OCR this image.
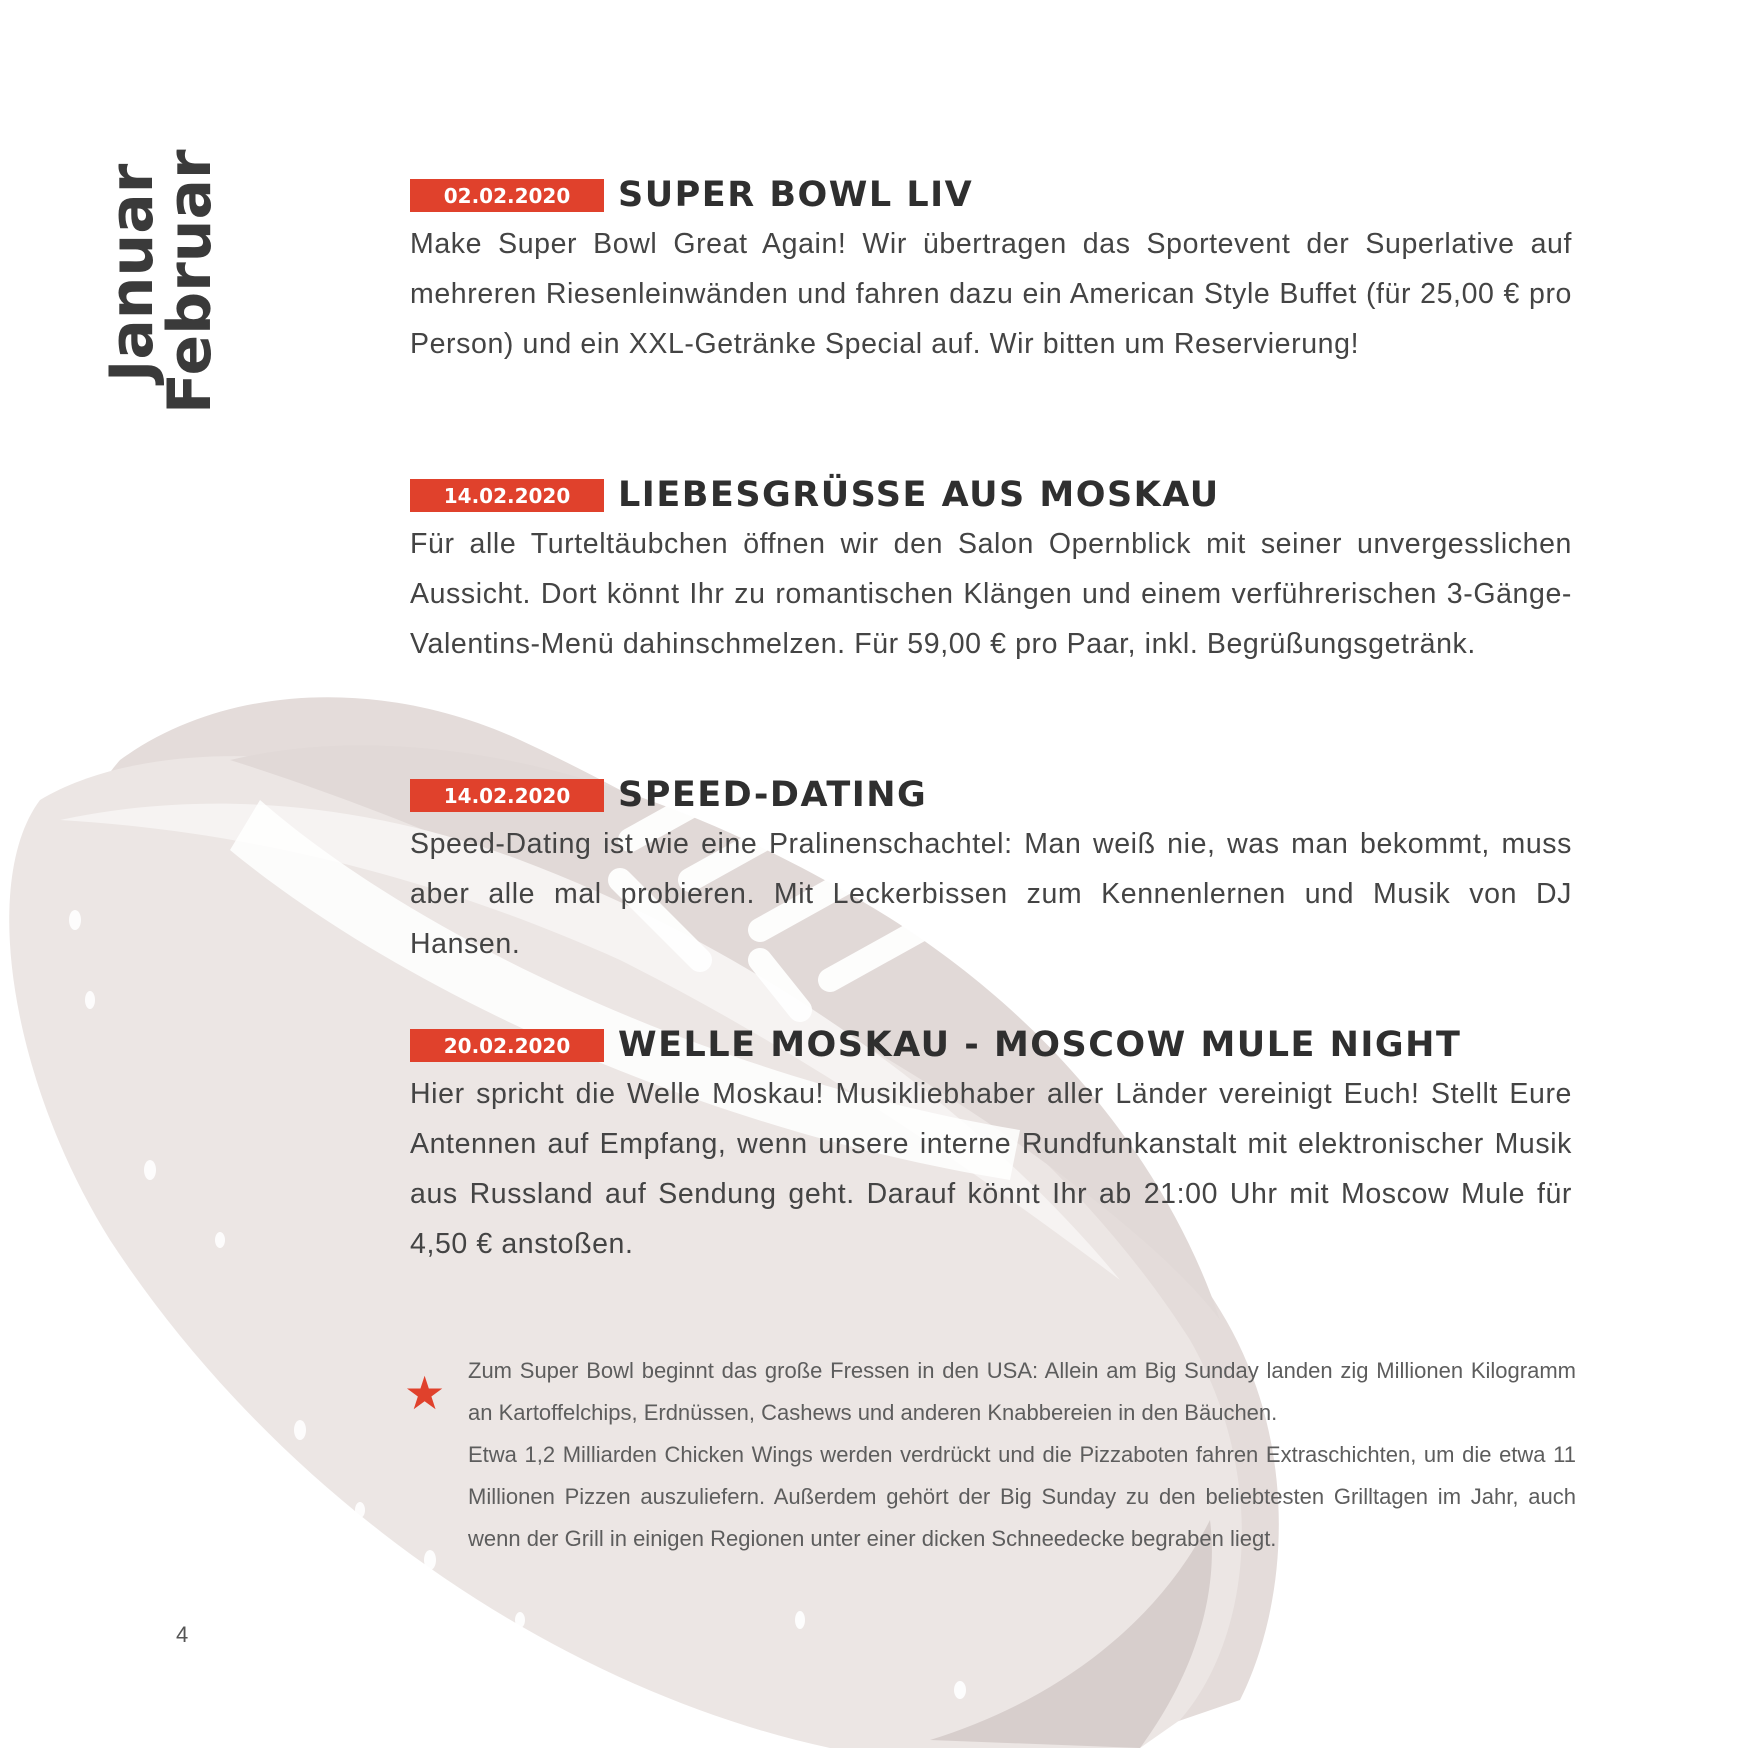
Januar
Februar	02.02.2020	SUPER BOWL LIV

Make Super Bowl Great Again! Wir übertragen das Sportevent der Superlative auf mehreren Riesenleinwänden und fahren dazu ein American Style Buffet (für 25,00 € pro Person) und ein XXL-Getränke Special auf. Wir bitten um Reservierung!

14.02.2020	LIEBESGRÜSSE AUS MOSKAU

Für alle Turteltäubchen öffnen wir den Salon Opernblick mit seiner unvergesslichen Aussicht. Dort könnt Ihr zu romantischen Klängen und einem verführerischen 3-Gänge-Valentins-Menü dahinschmelzen. Für 59,00 € pro Paar, inkl. Begrüßungsgetränk.

14.02.2020	SPEED-DATING

Speed-Dating ist wie eine Pralinenschachtel: Man weiß nie, was man bekommt, muss aber alle mal probieren. Mit Leckerbissen zum Kennenlernen und Musik von DJ Hansen.

20.02.2020	WELLE MOSKAU - MOSCOW MULE NIGHT

Hier spricht die Welle Moskau! Musikliebhaber aller Länder vereinigt Euch! Stellt Eure Antennen auf Empfang, wenn unsere interne Rundfunkanstalt mit elektronischer Musik aus Russland auf Sendung geht. Darauf könnt Ihr ab 21:00 Uhr mit Moscow Mule für 4,50 € anstoßen.

★	Zum Super Bowl beginnt das große Fressen in den USA: Allein am Big Sunday landen zig Millionen Kilogramm an Kartoffelchips, Erdnüssen, Cashews und anderen Knabbereien in den Bäuchen.

Etwa 1,2 Milliarden Chicken Wings werden verdrückt und die Pizzaboten fahren Extraschichten, um die etwa 11 Millionen Pizzen auszuliefern. Außerdem gehört der Big Sunday zu den beliebtesten Grilltagen im Jahr, auch wenn der Grill in einigen Regionen unter einer dicken Schneedecke begraben liegt.

4
